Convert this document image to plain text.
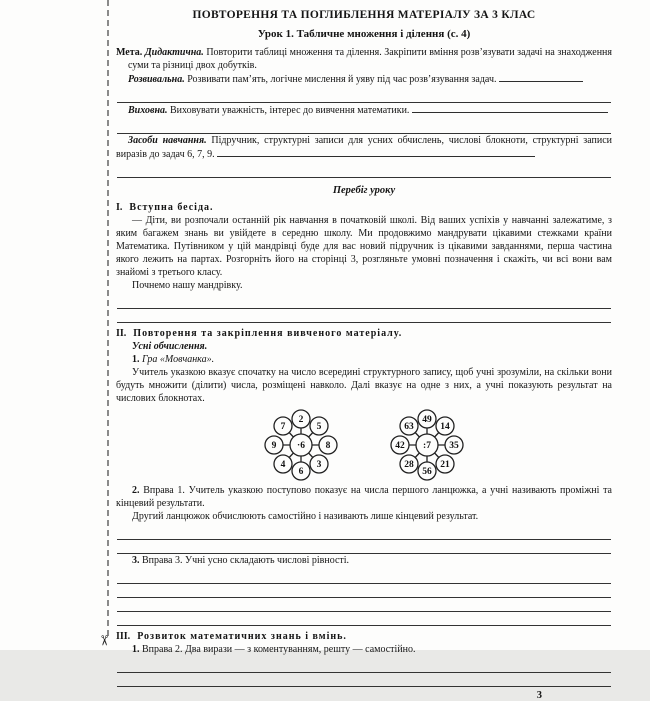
✂
ПОВТОРЕННЯ ТА ПОГЛИБЛЕННЯ МАТЕРІАЛУ ЗА 3 КЛАС
Урок 1. Табличне множення і ділення (с. 4)

Мета. Дидактична. Повторити таблиці множення та ділення. Закріпити вміння розв’язувати задачі на знаходження суми та різниці двох добутків.

Розвивальна. Розвивати пам’ять, логічне мислення й уяву під час розв’язування задач.

Виховна. Виховувати уважність, інтерес до вивчення математики.

Засоби навчання. Підручник, структурні записи для усних обчислень, числові блокноти, структурні записи виразів до задач 6, 7, 9.

Перебіг уроку

I. Вступна бесіда.

— Діти, ви розпочали останній рік навчання в початковій школі. Від ваших успіхів у навчанні залежатиме, з яким багажем знань ви увійдете в середню школу. Ми продовжимо мандрувати цікавими стежками країни Математика. Путівником у цій мандрівці буде для вас новий підручник із цікавими завданнями, перша частина якого лежить на партах. Розгорніть його на сторінці 3, розгляньте умовні позначення і скажіть, чи всі вони вам знайомі з третього класу.

Почнемо нашу мандрівку.

II. Повторення та закріплення вивченого матеріалу.

Усні обчислення.

1. Гра «Мовчанка».

Учитель указкою вказує спочатку на число всередині структурного запису, щоб учні зрозуміли, на скільки вони будуть множити (ділити) числа, розміщені навколо. Далі вказує на одне з них, а учні показують результат на числових блокнотах.

·6
2
5
8
3
6
4
9
7

:7
49
14
35
21
56
28
42
63

2. Вправа 1. Учитель указкою поступово показує на числа першого ланцюжка, а учні називають проміжні та кінцевий результати.

Другий ланцюжок обчислюють самостійно і називають лише кінцевий результат.

3. Вправа 3. Учні усно складають числові рівності.

III. Розвиток математичних знань і вмінь.

1. Вправа 2. Два вирази — з коментуванням, решту — самостійно.

3
